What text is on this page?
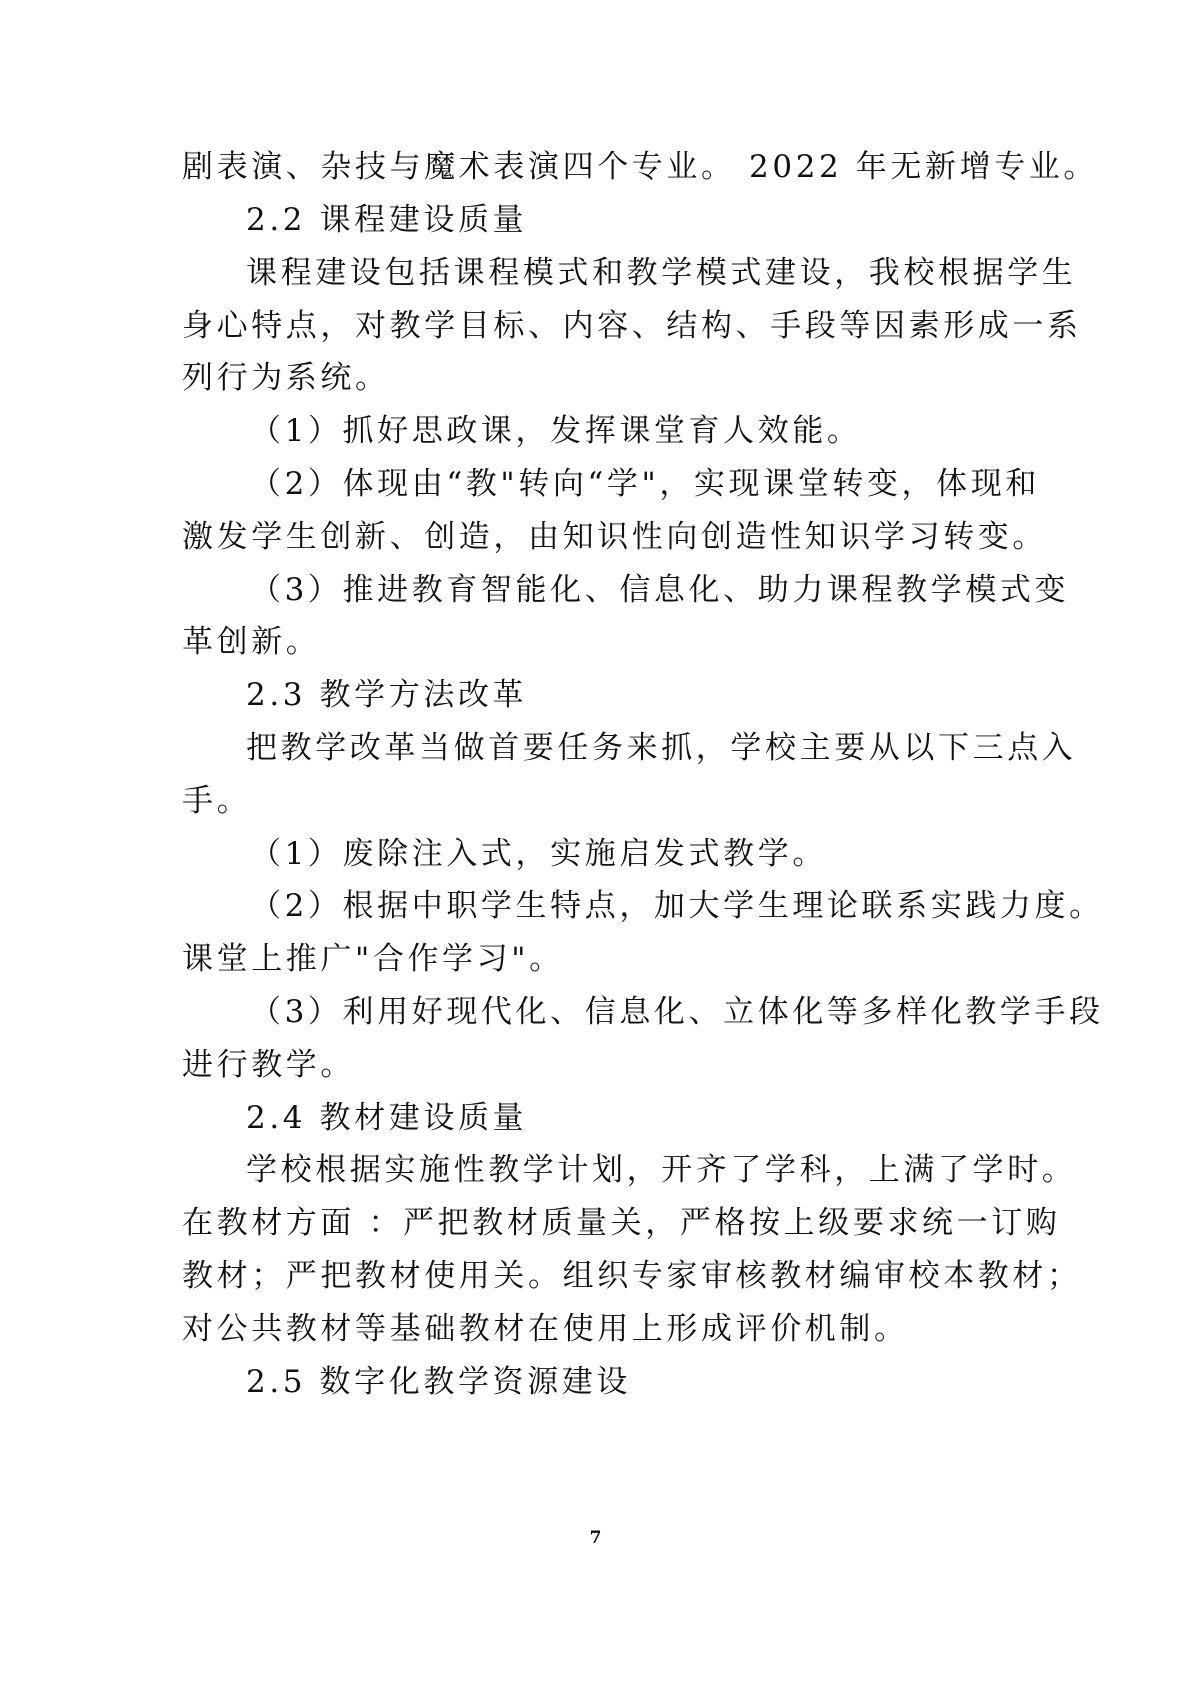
剧表演、杂技与魔术表演四个专业。 2022 年无新增专业。
2.2 课程建设质量
课程建设包括课程模式和教学模式建设，我校根据学生
身心特点，对教学目标、内容、结构、手段等因素形成一系
列行为系统。
（1）抓好思政课，发挥课堂育人效能。
（2）体现由“教"转向“学"，实现课堂转变，体现和
激发学生创新、创造，由知识性向创造性知识学习转变。
（3）推进教育智能化、信息化、助力课程教学模式变
革创新。
2.3 教学方法改革
把教学改革当做首要任务来抓，学校主要从以下三点入
手。
（1）废除注入式，实施启发式教学。
（2）根据中职学生特点，加大学生理论联系实践力度。
课堂上推广"合作学习"。
（3）利用好现代化、信息化、立体化等多样化教学手段
进行教学。
2.4 教材建设质量
学校根据实施性教学计划，开齐了学科，上满了学时。
在教材方面 ：严把教材质量关，严格按上级要求统一订购
教材；严把教材使用关。组织专家审核教材编审校本教材；
对公共教材等基础教材在使用上形成评价机制。
2.5 数字化教学资源建设
7
